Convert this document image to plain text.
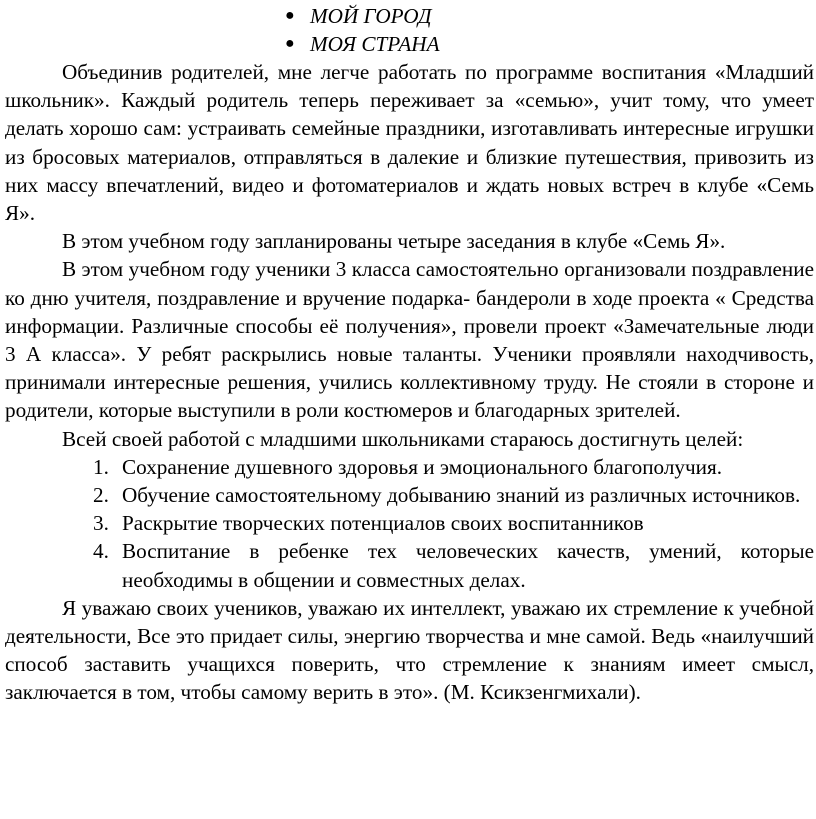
● МОЙ ГОРОД
● МОЯ СТРАНА

Объединив родителей, мне легче работать по программе воспитания «Младший школьник». Каждый родитель теперь переживает за «семью», учит тому, что умеет делать хорошо сам: устраивать семейные праздники, изготавливать интересные игрушки из бросовых материалов, отправляться в далекие и близкие путешествия, привозить из них массу впечатлений, видео и фотоматериалов и ждать новых встреч в клубе «Семь Я».

В этом учебном году запланированы четыре заседания в клубе «Семь Я».

В этом учебном году ученики 3 класса самостоятельно организовали поздравление ко дню учителя, поздравление и вручение подарка- бандероли в ходе проекта « Средства информации. Различные способы её получения», провели проект «Замечательные люди 3 А класса». У ребят раскрылись новые таланты. Ученики проявляли находчивость, принимали интересные решения, учились коллективному труду. Не стояли в стороне и родители, которые выступили в роли костюмеров и благодарных зрителей.

Всей своей работой с младшими школьниками стараюсь достигнуть целей:

1. Сохранение душевного здоровья и эмоционального благополучия.
2. Обучение самостоятельному добыванию знаний из различных источников.
3. Раскрытие творческих потенциалов своих воспитанников
4. Воспитание в ребенке тех человеческих качеств, умений, которые необходимы в общении и совместных делах.

Я уважаю своих учеников, уважаю их интеллект, уважаю их стремление к учебной деятельности, Все это придает силы, энергию творчества и мне самой. Ведь «наилучший способ заставить учащихся поверить, что стремление к знаниям имеет смысл, заключается в том, чтобы самому верить в это». (М. Ксикзенгмихали).
